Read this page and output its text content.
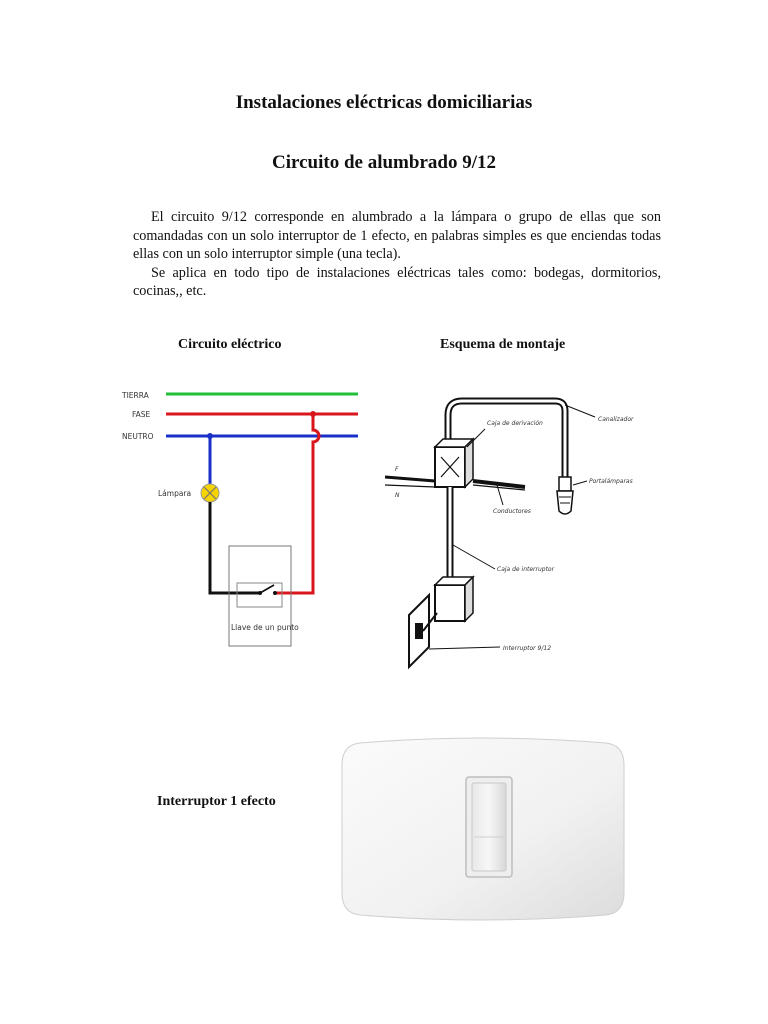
Instalaciones eléctricas domiciliarias
Circuito de alumbrado 9/12

El circuito 9/12 corresponde en alumbrado a la lámpara o grupo de ellas que son comandadas con un solo interruptor de 1 efecto, en palabras simples es que enciendas todas ellas con un solo interruptor simple (una tecla).

Se aplica en todo tipo de instalaciones eléctricas tales como: bodegas, dormitorios, cocinas,, etc.

Circuito eléctrico	Esquema de montaje
TIERRA
FASE
NEUTRO
Lámpara
Llave de un punto
Canalizador
Caja de derivación
F
N
Conductores
Portalámparas
Caja de interruptor
Interruptor 9/12
Interruptor 1 efecto
